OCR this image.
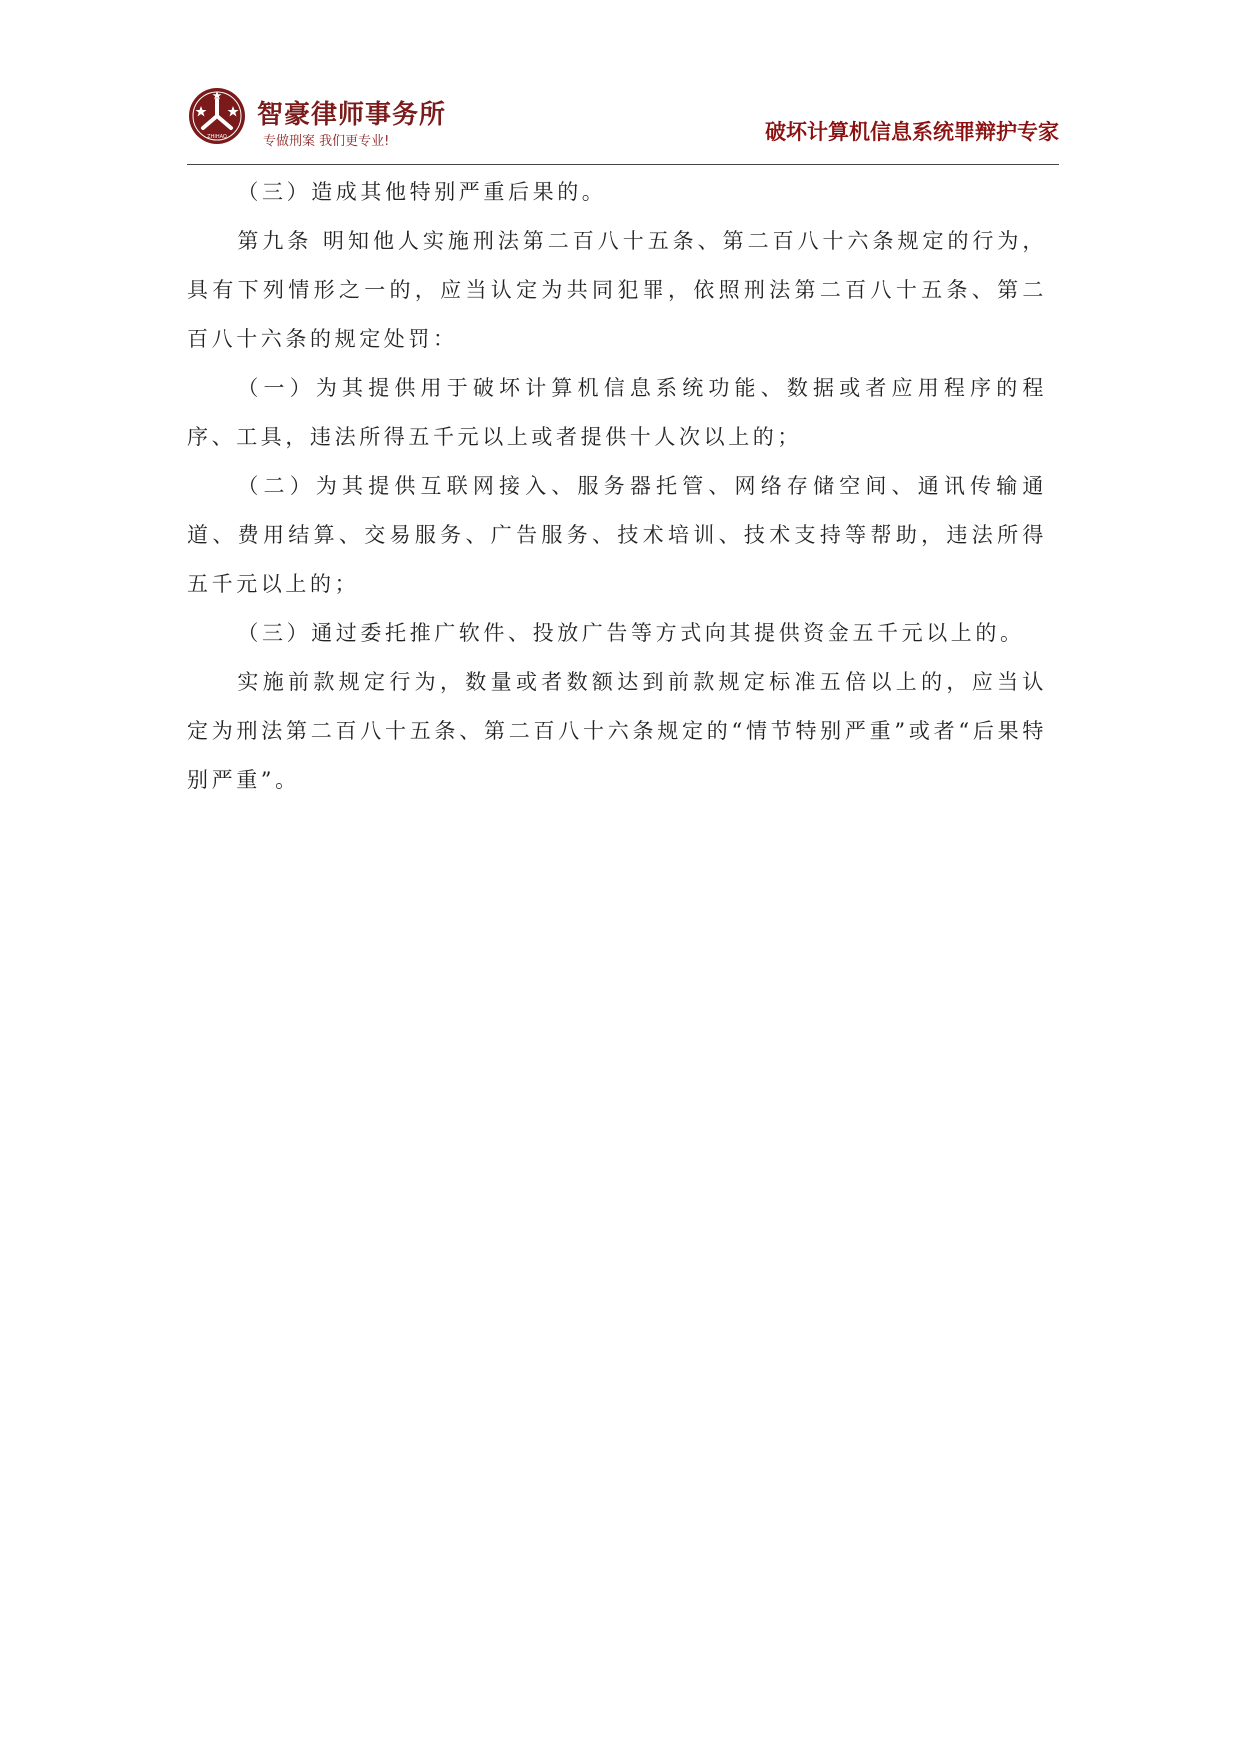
ZHIHAO
智豪律师事务所
专做刑案 我们更专业!	破坏计算机信息系统罪辩护专家

（三）造成其他特别严重后果的。

第九条 明知他人实施刑法第二百八十五条、第二百八十六条规定的行为，具有下列情形之一的，应当认定为共同犯罪，依照刑法第二百八十五条、第二百八十六条的规定处罚：

（一）为其提供用于破坏计算机信息系统功能、数据或者应用程序的程序、工具，违法所得五千元以上或者提供十人次以上的；

（二）为其提供互联网接入、服务器托管、网络存储空间、通讯传输通道、费用结算、交易服务、广告服务、技术培训、技术支持等帮助，违法所得五千元以上的；

（三）通过委托推广软件、投放广告等方式向其提供资金五千元以上的。

实施前款规定行为，数量或者数额达到前款规定标准五倍以上的，应当认定为刑法第二百八十五条、第二百八十六条规定的“情节特别严重”或者“后果特别严重”。
